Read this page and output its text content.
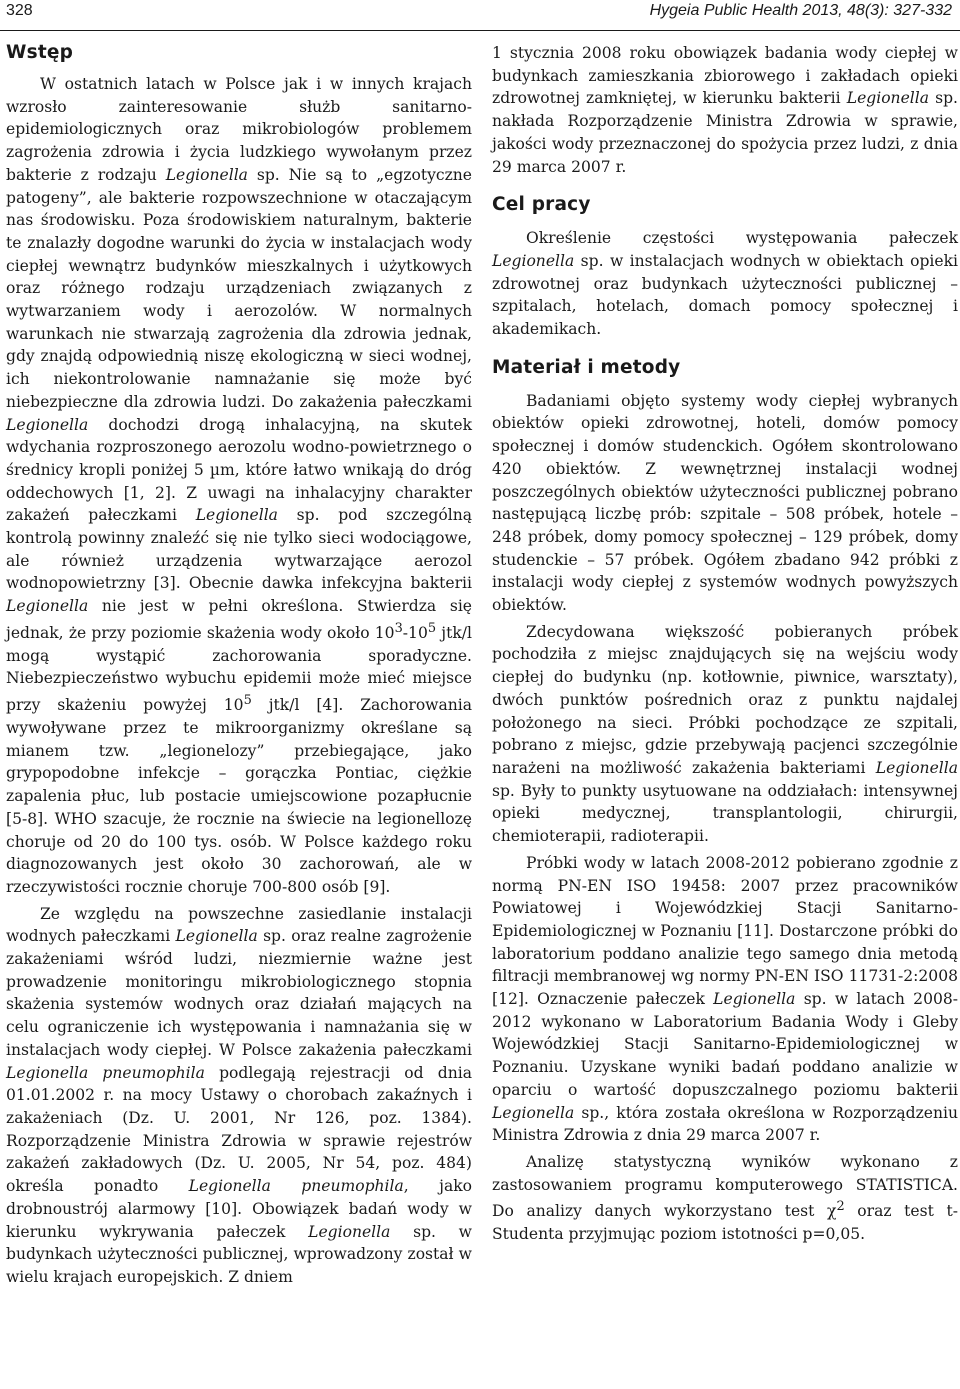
328	Hygeia Public Health 2013, 48(3): 327-332
Wstęp

W ostatnich latach w Polsce jak i w innych krajach wzrosło zainteresowanie służb sanitarno-epidemiologicznych oraz mikrobiologów problemem zagrożenia zdrowia i życia ludzkiego wywołanym przez bakterie z rodzaju Legionella sp. Nie są to „egzotyczne patogeny”, ale bakterie rozpowszechnione w otaczającym nas środowisku. Poza środowiskiem naturalnym, bakterie te znalazły dogodne warunki do życia w instalacjach wody ciepłej wewnątrz budynków mieszkalnych i użytkowych oraz różnego rodzaju urządzeniach związanych z wytwarzaniem wody i aerozolów. W normalnych warunkach nie stwarzają zagrożenia dla zdrowia jednak, gdy znajdą odpowiednią niszę ekologiczną w sieci wodnej, ich niekontrolowanie namnażanie się może być niebezpieczne dla zdrowia ludzi. Do zakażenia pałeczkami Legionella dochodzi drogą inhalacyjną, na skutek wdychania rozproszonego aerozolu wodno-powietrznego o średnicy kropli poniżej 5 µm, które łatwo wnikają do dróg oddechowych [1, 2]. Z uwagi na inhalacyjny charakter zakażeń pałeczkami Legionella sp. pod szczególną kontrolą powinny znaleźć się nie tylko sieci wodociągowe, ale również urządzenia wytwarzające aerozol wodnopowietrzny [3]. Obecnie dawka infekcyjna bakterii Legionella nie jest w pełni określona. Stwierdza się jednak, że przy poziomie skażenia wody około $10^3-10^5$ jtk/l mogą wystąpić zachorowania sporadyczne. Niebezpieczeństwo wybuchu epidemii może mieć miejsce przy skażeniu powyżej $10^5$ jtk/l [4]. Zachorowania wywoływane przez te mikroorganizmy określane są mianem tzw. „legionelozy” przebiegające, jako grypopodobne infekcje – gorączka Pontiac, ciężkie zapalenia płuc, lub postacie umiejscowione pozapłucnie [5-8]. WHO szacuje, że rocznie na świecie na legionellozę choruje od 20 do 100 tys. osób. W Polsce każdego roku diagnozowanych jest około 30 zachorowań, ale w rzeczywistości rocznie choruje 700-800 osób [9].

Ze względu na powszechne zasiedlanie instalacji wodnych pałeczkami Legionella sp. oraz realne zagrożenie zakażeniami wśród ludzi, niezmiernie ważne jest prowadzenie monitoringu mikrobiologicznego stopnia skażenia systemów wodnych oraz działań mających na celu ograniczenie ich występowania i namnażania się w instalacjach wody ciepłej. W Polsce zakażenia pałeczkami Legionella pneumophila podlegają rejestracji od dnia 01.01.2002 r. na mocy Ustawy o chorobach zakaźnych i zakażeniach (Dz. U. 2001, Nr 126, poz. 1384). Rozporządzenie Ministra Zdrowia w sprawie rejestrów zakażeń zakładowych (Dz. U. 2005, Nr 54, poz. 484) określa ponadto Legionella pneumophila, jako drobnoustrój alarmowy [10]. Obowiązek badań wody w kierunku wykrywania pałeczek Legionella sp. w budynkach użyteczności publicznej, wprowadzony został w wielu krajach europejskich. Z dniem

1 stycznia 2008 roku obowiązek badania wody ciepłej w budynkach zamieszkania zbiorowego i zakładach opieki zdrowotnej zamkniętej, w kierunku bakterii Legionella sp. nakłada Rozporządzenie Ministra Zdrowia w sprawie, jakości wody przeznaczonej do spożycia przez ludzi, z dnia 29 marca 2007 r.

Cel pracy

Określenie częstości występowania pałeczek Legionella sp. w instalacjach wodnych w obiektach opieki zdrowotnej oraz budynkach użyteczności publicznej – szpitalach, hotelach, domach pomocy społecznej i akademikach.

Materiał i metody

Badaniami objęto systemy wody ciepłej wybranych obiektów opieki zdrowotnej, hoteli, domów pomocy społecznej i domów studenckich. Ogółem skontrolowano 420 obiektów. Z wewnętrznej instalacji wodnej poszczególnych obiektów użyteczności publicznej pobrano następującą liczbę prób: szpitale – 508 próbek, hotele – 248 próbek, domy pomocy społecznej – 129 próbek, domy studenckie – 57 próbek. Ogółem zbadano 942 próbki z instalacji wody ciepłej z systemów wodnych powyższych obiektów.

Zdecydowana większość pobieranych próbek pochodziła z miejsc znajdujących się na wejściu wody ciepłej do budynku (np. kotłownie, piwnice, warsztaty), dwóch punktów pośrednich oraz z punktu najdalej położonego na sieci. Próbki pochodzące ze szpitali, pobrano z miejsc, gdzie przebywają pacjenci szczególnie narażeni na możliwość zakażenia bakteriami Legionella sp. Były to punkty usytuowane na oddziałach: intensywnej opieki medycznej, transplantologii, chirurgii, chemioterapii, radioterapii.

Próbki wody w latach 2008-2012 pobierano zgodnie z normą PN-EN ISO 19458: 2007 przez pracowników Powiatowej i Wojewódzkiej Stacji Sanitarno-Epidemiologicznej w Poznaniu [11]. Dostarczone próbki do laboratorium poddano analizie tego samego dnia metodą filtracji membranowej wg normy PN-EN ISO 11731-2:2008 [12]. Oznaczenie pałeczek Legionella sp. w latach 2008-2012 wykonano w Laboratorium Badania Wody i Gleby Wojewódzkiej Stacji Sanitarno-Epidemiologicznej w Poznaniu. Uzyskane wyniki badań poddano analizie w oparciu o wartość dopuszczalnego poziomu bakterii Legionella sp., która została określona w Rozporządzeniu Ministra Zdrowia z dnia 29 marca 2007 r.

Analizę statystyczną wyników wykonano z zastosowaniem programu komputerowego STATISTICA. Do analizy danych wykorzystano test $\chi^2$ oraz test t-Studenta przyjmując poziom istotności p=0,05.
